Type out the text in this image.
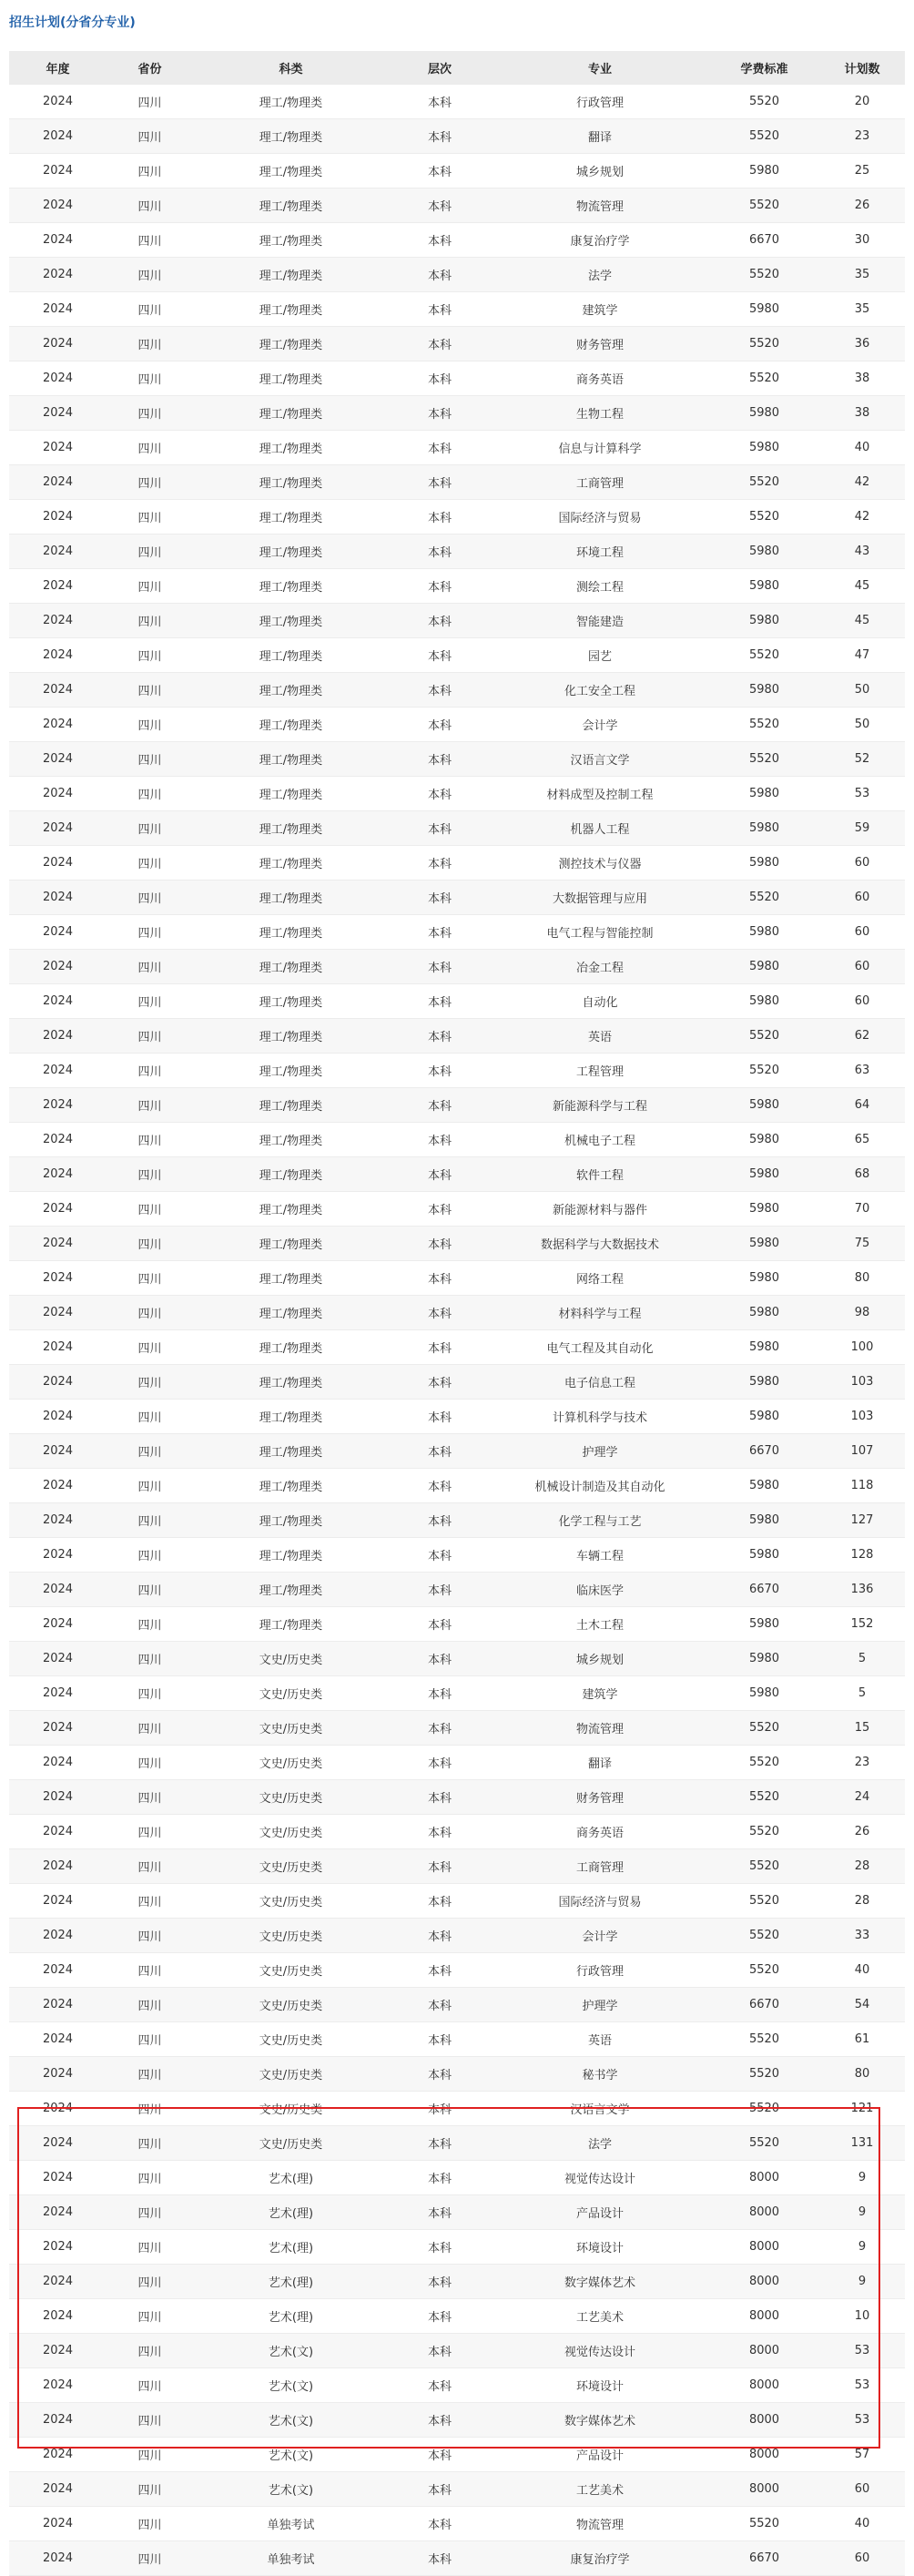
招生计划(分省分专业)
年度	省份	科类	层次	专业	学费标准	计划数
2024	四川	理工/物理类	本科	行政管理	5520	20
2024	四川	理工/物理类	本科	翻译	5520	23
2024	四川	理工/物理类	本科	城乡规划	5980	25
2024	四川	理工/物理类	本科	物流管理	5520	26
2024	四川	理工/物理类	本科	康复治疗学	6670	30
2024	四川	理工/物理类	本科	法学	5520	35
2024	四川	理工/物理类	本科	建筑学	5980	35
2024	四川	理工/物理类	本科	财务管理	5520	36
2024	四川	理工/物理类	本科	商务英语	5520	38
2024	四川	理工/物理类	本科	生物工程	5980	38
2024	四川	理工/物理类	本科	信息与计算科学	5980	40
2024	四川	理工/物理类	本科	工商管理	5520	42
2024	四川	理工/物理类	本科	国际经济与贸易	5520	42
2024	四川	理工/物理类	本科	环境工程	5980	43
2024	四川	理工/物理类	本科	测绘工程	5980	45
2024	四川	理工/物理类	本科	智能建造	5980	45
2024	四川	理工/物理类	本科	园艺	5520	47
2024	四川	理工/物理类	本科	化工安全工程	5980	50
2024	四川	理工/物理类	本科	会计学	5520	50
2024	四川	理工/物理类	本科	汉语言文学	5520	52
2024	四川	理工/物理类	本科	材料成型及控制工程	5980	53
2024	四川	理工/物理类	本科	机器人工程	5980	59
2024	四川	理工/物理类	本科	测控技术与仪器	5980	60
2024	四川	理工/物理类	本科	大数据管理与应用	5520	60
2024	四川	理工/物理类	本科	电气工程与智能控制	5980	60
2024	四川	理工/物理类	本科	冶金工程	5980	60
2024	四川	理工/物理类	本科	自动化	5980	60
2024	四川	理工/物理类	本科	英语	5520	62
2024	四川	理工/物理类	本科	工程管理	5520	63
2024	四川	理工/物理类	本科	新能源科学与工程	5980	64
2024	四川	理工/物理类	本科	机械电子工程	5980	65
2024	四川	理工/物理类	本科	软件工程	5980	68
2024	四川	理工/物理类	本科	新能源材料与器件	5980	70
2024	四川	理工/物理类	本科	数据科学与大数据技术	5980	75
2024	四川	理工/物理类	本科	网络工程	5980	80
2024	四川	理工/物理类	本科	材料科学与工程	5980	98
2024	四川	理工/物理类	本科	电气工程及其自动化	5980	100
2024	四川	理工/物理类	本科	电子信息工程	5980	103
2024	四川	理工/物理类	本科	计算机科学与技术	5980	103
2024	四川	理工/物理类	本科	护理学	6670	107
2024	四川	理工/物理类	本科	机械设计制造及其自动化	5980	118
2024	四川	理工/物理类	本科	化学工程与工艺	5980	127
2024	四川	理工/物理类	本科	车辆工程	5980	128
2024	四川	理工/物理类	本科	临床医学	6670	136
2024	四川	理工/物理类	本科	土木工程	5980	152
2024	四川	文史/历史类	本科	城乡规划	5980	5
2024	四川	文史/历史类	本科	建筑学	5980	5
2024	四川	文史/历史类	本科	物流管理	5520	15
2024	四川	文史/历史类	本科	翻译	5520	23
2024	四川	文史/历史类	本科	财务管理	5520	24
2024	四川	文史/历史类	本科	商务英语	5520	26
2024	四川	文史/历史类	本科	工商管理	5520	28
2024	四川	文史/历史类	本科	国际经济与贸易	5520	28
2024	四川	文史/历史类	本科	会计学	5520	33
2024	四川	文史/历史类	本科	行政管理	5520	40
2024	四川	文史/历史类	本科	护理学	6670	54
2024	四川	文史/历史类	本科	英语	5520	61
2024	四川	文史/历史类	本科	秘书学	5520	80
2024	四川	文史/历史类	本科	汉语言文学	5520	121
2024	四川	文史/历史类	本科	法学	5520	131
2024	四川	艺术(理)	本科	视觉传达设计	8000	9
2024	四川	艺术(理)	本科	产品设计	8000	9
2024	四川	艺术(理)	本科	环境设计	8000	9
2024	四川	艺术(理)	本科	数字媒体艺术	8000	9
2024	四川	艺术(理)	本科	工艺美术	8000	10
2024	四川	艺术(文)	本科	视觉传达设计	8000	53
2024	四川	艺术(文)	本科	环境设计	8000	53
2024	四川	艺术(文)	本科	数字媒体艺术	8000	53
2024	四川	艺术(文)	本科	产品设计	8000	57
2024	四川	艺术(文)	本科	工艺美术	8000	60
2024	四川	单独考试	本科	物流管理	5520	40
2024	四川	单独考试	本科	康复治疗学	6670	60
